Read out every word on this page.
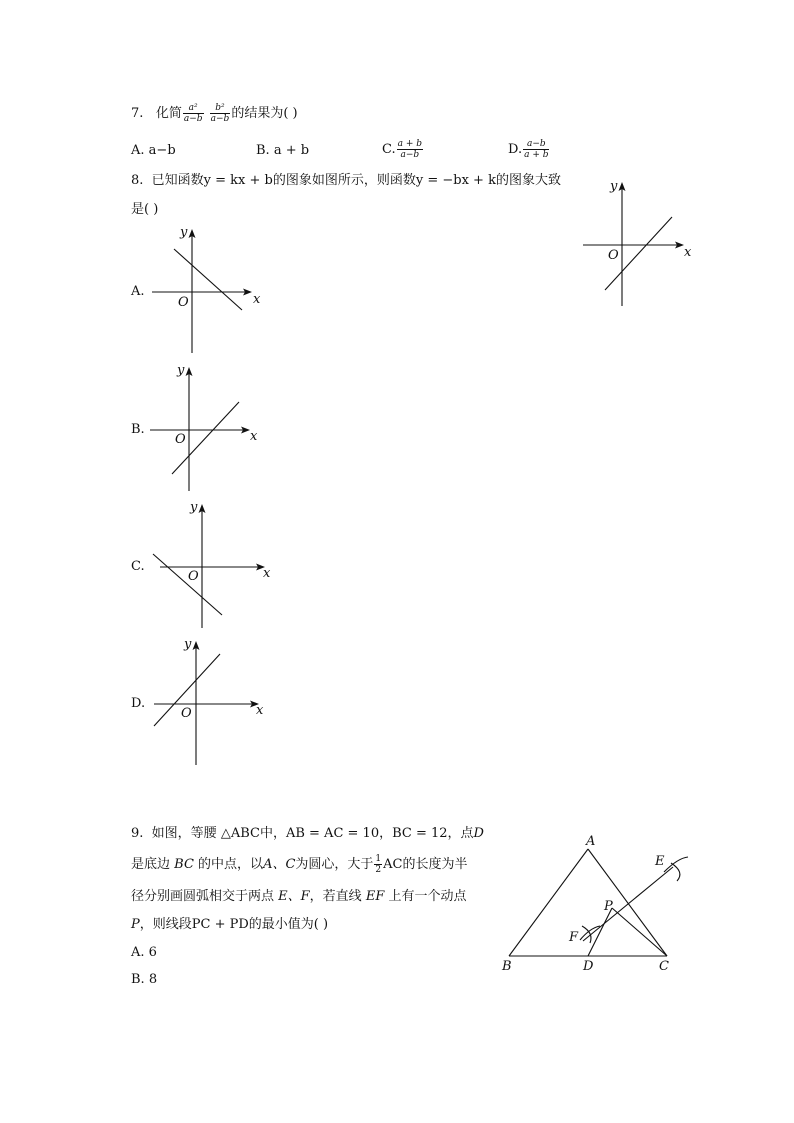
7. 化简 $\frac{\text{a²}}{a-b}$
$\frac{\text{b²}}{a-b}$ 的结果为( )
A. a−b	B. a + b	C. $\frac{a + b}{a-b}$	D. $\frac{a-b}{a + b}$
8. 已知函数y = kx + b的图象如图所示，则函数y = −bx + k的图象大致
是( )
x
y
O
A.
x
y
O
B.	x
y
O
C.	x
y
O
D.	x
y
O
9. 如图，等腰 △ABC中，AB = AC = 10，BC = 12，点D
是底边 BC 的中点，以A、C为圆心，大于 $\frac{1}{2}$ AC的长度为半
径分别画圆弧相交于两点 E、F，若直线 EF 上有一个动点
P，则线段PC + PD的最小值为( )
A. 6
B. 8
A
B	C
D
E
F
P
